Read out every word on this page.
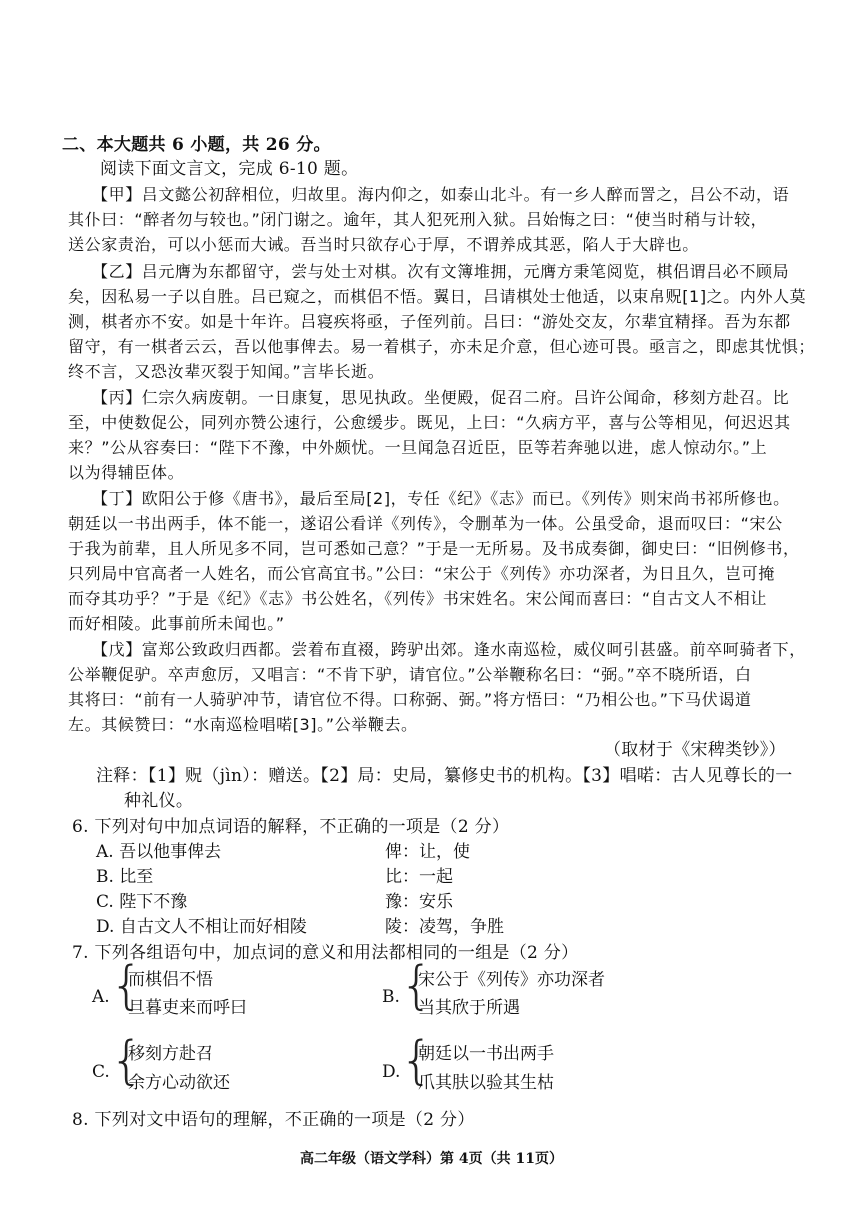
二、本大题共 6 小题，共 26 分。
阅读下面文言文，完成 6-10 题。
【甲】吕文懿公初辞相位，归故里。海内仰之，如泰山北斗。有一乡人醉而詈之，吕公不动，语
其仆曰：“醉者勿与较也。”闭门谢之。逾年，其人犯死刑入狱。吕始悔之曰：“使当时稍与计较，
送公家责治，可以小惩而大诫。吾当时只欲存心于厚，不谓养成其恶，陷人于大辟也。
【乙】吕元膺为东都留守，尝与处士对棋。次有文簿堆拥，元膺方秉笔阅览，棋侣谓吕必不顾局
矣，因私易一子以自胜。吕已窥之，而棋侣不悟。翼日，吕请棋处士他适，以束帛贶[1]之。内外人莫
测，棋者亦不安。如是十年许。吕寝疾将亟，子侄列前。吕曰：“游处交友，尔辈宜精择。吾为东都
留守，有一棋者云云，吾以他事俾去。易一着棋子，亦未足介意，但心迹可畏。亟言之，即虑其忧惧；
终不言，又恐汝辈灭裂于知闻。”言毕长逝。
【丙】仁宗久病废朝。一日康复，思见执政。坐便殿，促召二府。吕许公闻命，移刻方赴召。比
至，中使数促公，同列亦赞公速行，公愈缓步。既见，上曰：“久病方平，喜与公等相见，何迟迟其
来？”公从容奏曰：“陛下不豫，中外颇忧。一旦闻急召近臣，臣等若奔驰以进，虑人惊动尔。”上
以为得辅臣体。
【丁】欧阳公于修《唐书》，最后至局[2]，专任《纪》《志》而已。《列传》则宋尚书祁所修也。
朝廷以一书出两手，体不能一，遂诏公看详《列传》，令删革为一体。公虽受命，退而叹曰：“宋公
于我为前辈，且人所见多不同，岂可悉如己意？”于是一无所易。及书成奏御，御史曰：“旧例修书，
只列局中官高者一人姓名，而公官高宜书。”公曰：“宋公于《列传》亦功深者，为日且久，岂可掩
而夺其功乎？”于是《纪》《志》书公姓名，《列传》书宋姓名。宋公闻而喜曰：“自古文人不相让
而好相陵。此事前所未闻也。”
【戊】富郑公致政归西都。尝着布直裰，跨驴出郊。逢水南巡检，威仪呵引甚盛。前卒呵骑者下，
公举鞭促驴。卒声愈厉，又唱言：“不肯下驴，请官位。”公举鞭称名曰：“弼。”卒不晓所语，白
其将曰：“前有一人骑驴冲节，请官位不得。口称弼、弼。”将方悟曰：“乃相公也。”下马伏谒道
左。其候赞曰：“水南巡检唱喏[3]。”公举鞭去。
（取材于《宋稗类钞》）
注释：【1】贶（jìn）：赠送。【2】局：史局，纂修史书的机构。【3】唱喏：古人见尊长的一
种礼仪。
6. 下列对句中加点词语的解释，不正确的一项是（2 分）
A. 吾以他事俾去	俾：让，使
B. 比至	比：一起
C. 陛下不豫	豫：安乐
D. 自古文人不相让而好相陵	陵：凌驾，争胜
7. 下列各组语句中，加点词的意义和用法都相同的一组是（2 分）
A. {
而棋侣不悟
旦暮吏来而呼曰
B. {
宋公于《列传》亦功深者
当其欣于所遇
C. {
移刻方赴召
余方心动欲还
D. {
朝廷以一书出两手
爪其肤以验其生枯
8. 下列对文中语句的理解，不正确的一项是（2 分）
高二年级（语文学科）第 4页（共 11页）
